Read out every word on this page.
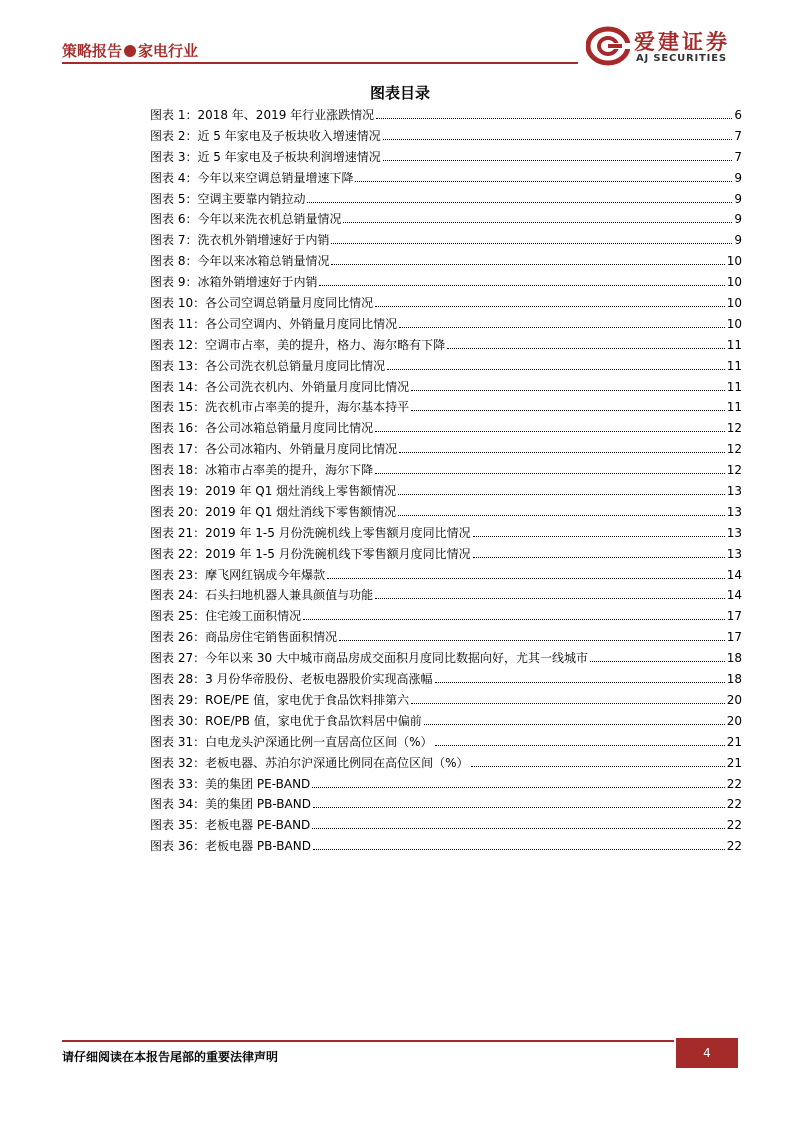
策略报告 家电行业	爱建证券
AJ SECURITIES
图表目录
图表 1： 2018 年、2019 年行业涨跌情况	6
图表 2： 近 5 年家电及子板块收入增速情况	7
图表 3： 近 5 年家电及子板块利润增速情况	7
图表 4： 今年以来空调总销量增速下降	9
图表 5： 空调主要靠内销拉动	9
图表 6： 今年以来洗衣机总销量情况	9
图表 7： 洗衣机外销增速好于内销	9
图表 8： 今年以来冰箱总销量情况	10
图表 9： 冰箱外销增速好于内销	10
图表 10： 各公司空调总销量月度同比情况	10
图表 11： 各公司空调内、外销量月度同比情况	10
图表 12： 空调市占率，美的提升，格力、海尔略有下降	11
图表 13： 各公司洗衣机总销量月度同比情况	11
图表 14： 各公司洗衣机内、外销量月度同比情况	11
图表 15： 洗衣机市占率美的提升，海尔基本持平	11
图表 16： 各公司冰箱总销量月度同比情况	12
图表 17： 各公司冰箱内、外销量月度同比情况	12
图表 18： 冰箱市占率美的提升，海尔下降	12
图表 19： 2019 年 Q1 烟灶消线上零售额情况	13
图表 20： 2019 年 Q1 烟灶消线下零售额情况	13
图表 21： 2019 年 1-5 月份洗碗机线上零售额月度同比情况	13
图表 22： 2019 年 1-5 月份洗碗机线下零售额月度同比情况	13
图表 23： 摩飞网红锅成今年爆款	14
图表 24： 石头扫地机器人兼具颜值与功能	14
图表 25： 住宅竣工面积情况	17
图表 26： 商品房住宅销售面积情况	17
图表 27： 今年以来 30 大中城市商品房成交面积月度同比数据向好，尤其一线城市	18
图表 28： 3 月份华帝股份、老板电器股价实现高涨幅	18
图表 29： ROE/PE 值，家电优于食品饮料排第六	20
图表 30： ROE/PB 值，家电优于食品饮料居中偏前	20
图表 31： 白电龙头沪深通比例一直居高位区间（%）	21
图表 32： 老板电器、苏泊尔沪深通比例同在高位区间（%）	21
图表 33： 美的集团 PE-BAND	22
图表 34： 美的集团 PB-BAND	22
图表 35： 老板电器 PE-BAND	22
图表 36： 老板电器 PB-BAND	22
请仔细阅读在本报告尾部的重要法律声明	4
